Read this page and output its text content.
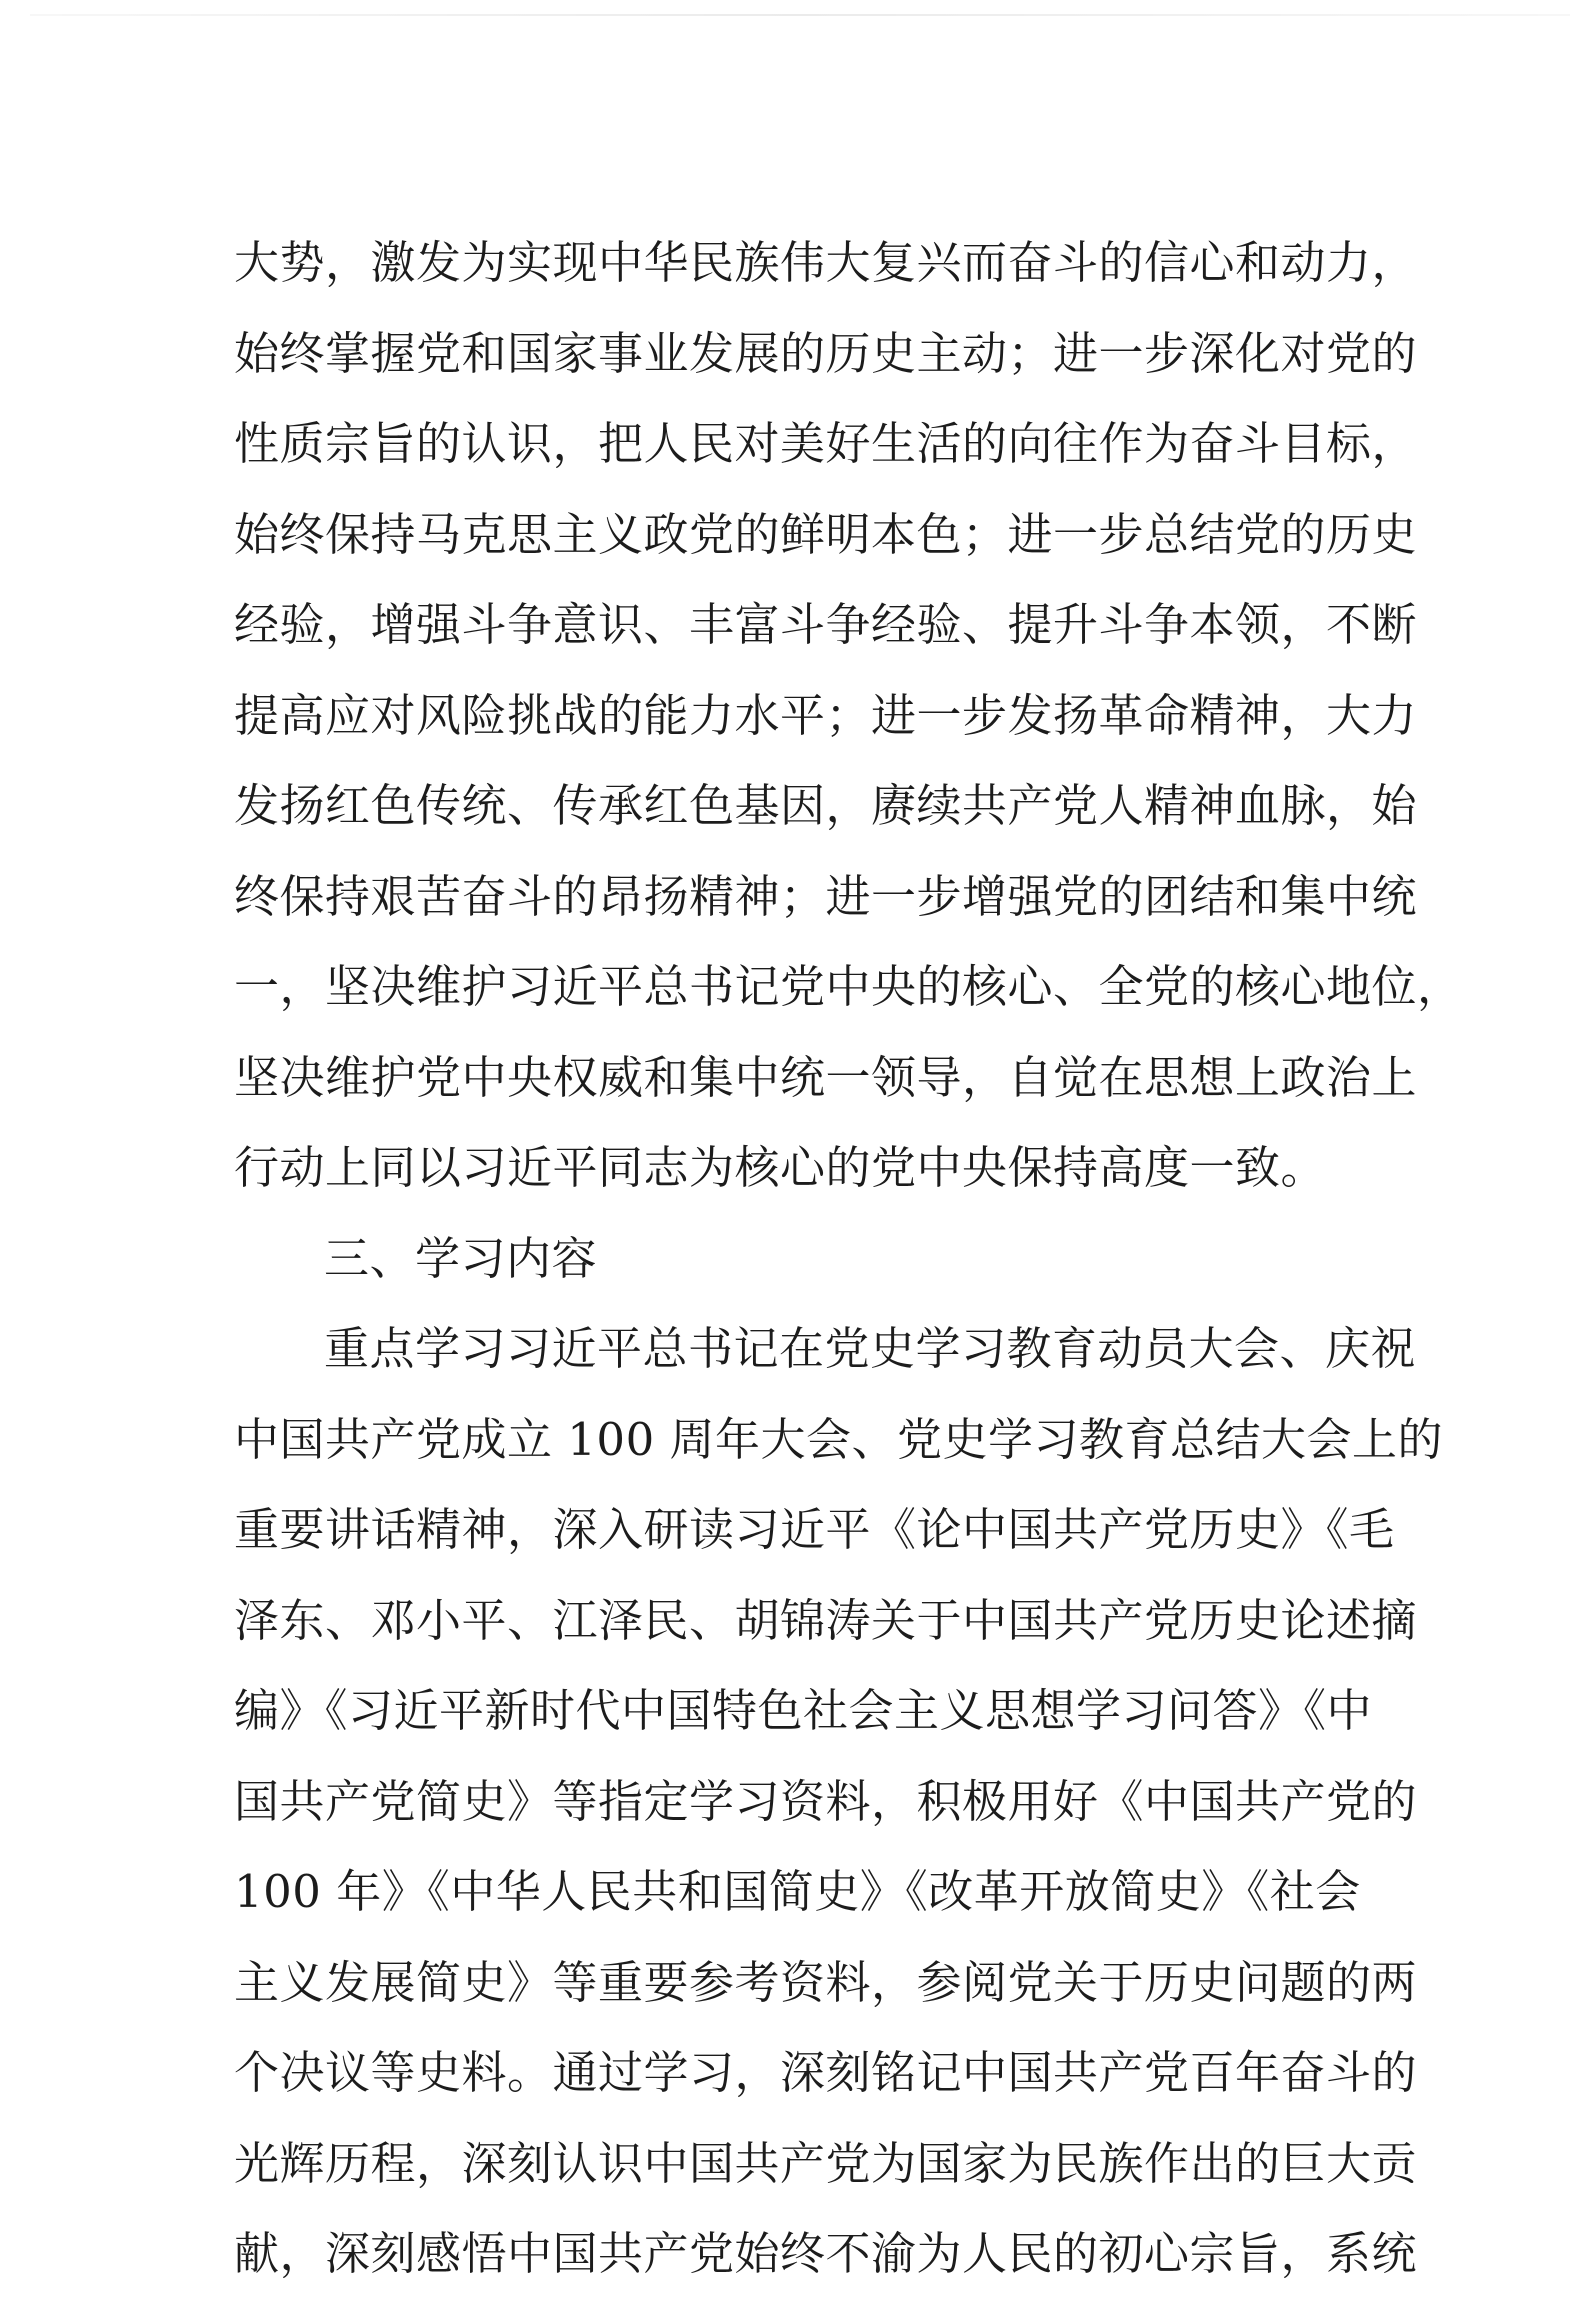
大势，激发为实现中华民族伟大复兴而奋斗的信心和动力，
始终掌握党和国家事业发展的历史主动；进一步深化对党的
性质宗旨的认识，把人民对美好生活的向往作为奋斗目标，
始终保持马克思主义政党的鲜明本色；进一步总结党的历史
经验，增强斗争意识、丰富斗争经验、提升斗争本领，不断
提高应对风险挑战的能力水平；进一步发扬革命精神，大力
发扬红色传统、传承红色基因，赓续共产党人精神血脉，始
终保持艰苦奋斗的昂扬精神；进一步增强党的团结和集中统
一，坚决维护习近平总书记党中央的核心、全党的核心地位，
坚决维护党中央权威和集中统一领导，自觉在思想上政治上
行动上同以习近平同志为核心的党中央保持高度一致。
三、学习内容
重点学习习近平总书记在党史学习教育动员大会、庆祝
中国共产党成立 100 周年大会、党史学习教育总结大会上的
重要讲话精神，深入研读习近平《论中国共产党历史》《毛
泽东、邓小平、江泽民、胡锦涛关于中国共产党历史论述摘
编》《习近平新时代中国特色社会主义思想学习问答》《中
国共产党简史》等指定学习资料，积极用好《中国共产党的
100 年》《中华人民共和国简史》《改革开放简史》《社会
主义发展简史》等重要参考资料，参阅党关于历史问题的两
个决议等史料。通过学习，深刻铭记中国共产党百年奋斗的
光辉历程，深刻认识中国共产党为国家为民族作出的巨大贡
献，深刻感悟中国共产党始终不渝为人民的初心宗旨，系统
